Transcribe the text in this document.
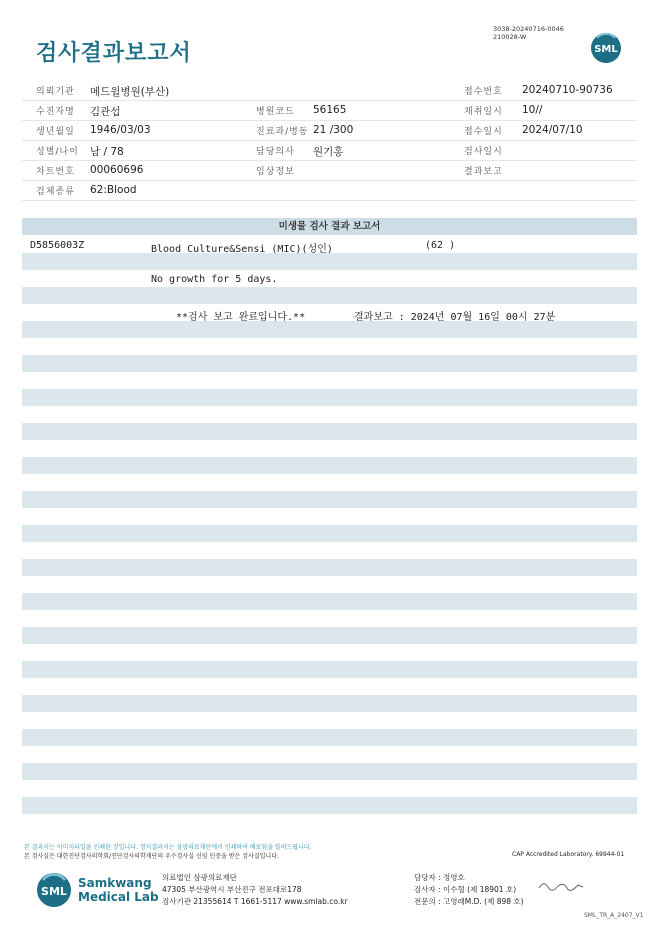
검사결과보고서
3038-20240716-0046
210028-W
SML
의뢰기관 메드윌병원(부산)	접수번호 20240710-90736
수진자명 김관섭	병원코드 56165	채취일시 10//
생년월일 1946/03/03	진료과/병동 21 /300	접수일시 2024/07/10
성별/나이 남 / 78	담당의사 원기홍	검사일시
차트번호 00060696	임상정보	결과보고
검체종류 62:Blood
미생물 검사 결과 보고서
D5856003Z	Blood Culture&Sensi (MIC)(성인)	(62 )
No growth for 5 days.
**검사 보고 완료입니다.**	결과보고 : 2024년 07월 16일 00시 27분
본 결과지는 이미지파일을 인쇄한 것입니다. 정식결과지는 삼광의료재단에서 인쇄하여 배포됨을 알려드립니다.
본 검사실은 대한진단검사의학회/진단검사의학재단의 우수검사실 신임 인증을 받은 검사실입니다.	CAP Accredited Laboratory. 69944-01
SML
Samkwang
Medical Lab
의료법인 삼광의료재단
47305 부산광역시 부산진구 전포대로178
검사기관 21355614 T 1661-5117 www.smlab.co.kr
담당자 : 정영호
검사자 : 이수혈 (제 18901 호)
전문의 : 고영래M.D. (제 898 호)
SML_TR_A_2407_V1
